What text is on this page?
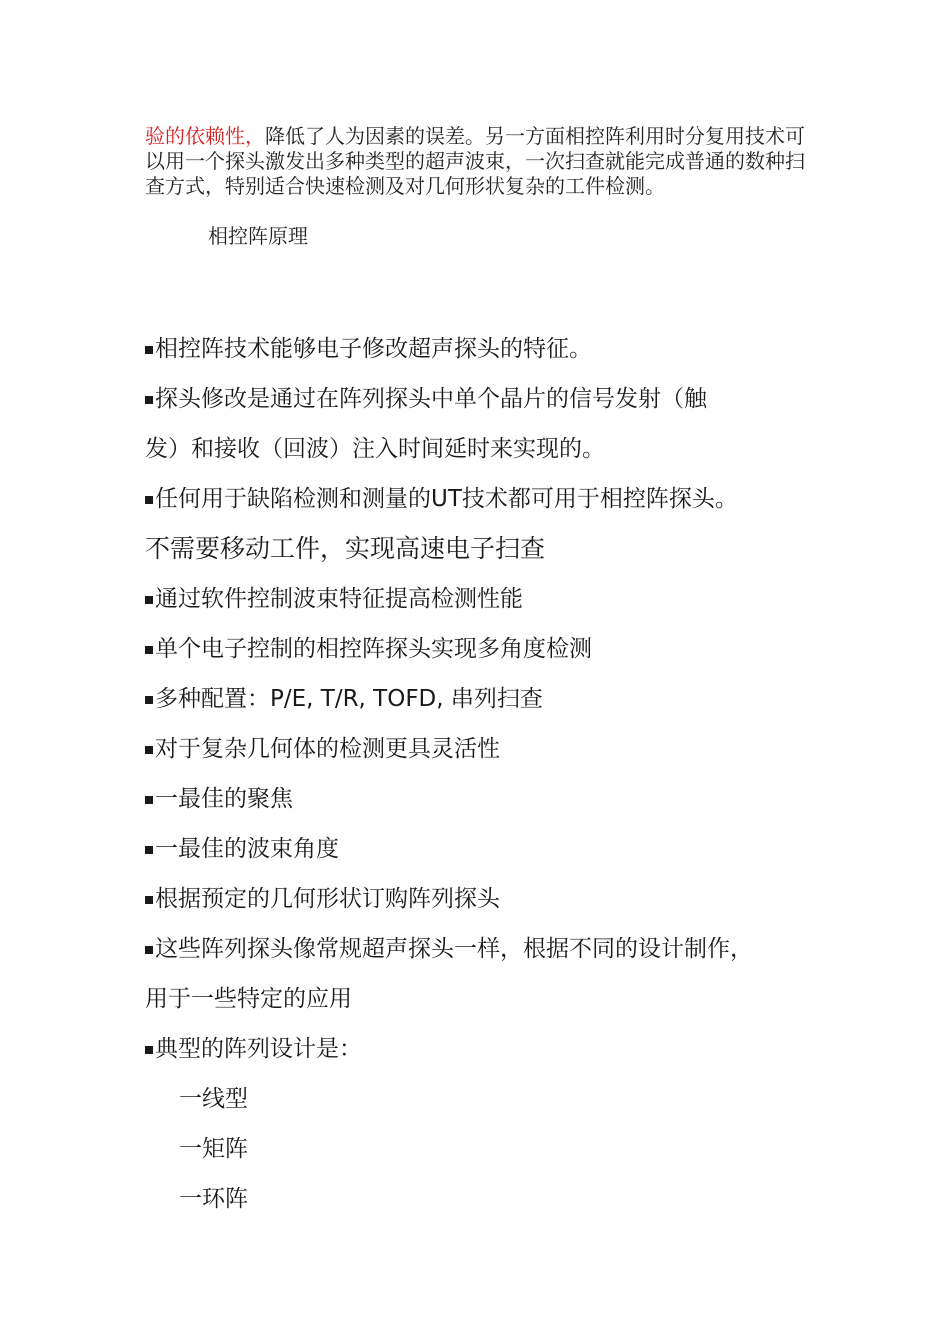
验的依赖性，降低了人为因素的误差。另一方面相控阵利用时分复用技术可以用一个探头激发出多种类型的超声波束，一次扫查就能完成普通的数种扫查方式，特别适合快速检测及对几何形状复杂的工件检测。
相控阵原理
相控阵技术能够电子修改超声探头的特征。
探头修改是通过在阵列探头中单个晶片的信号发射（触
发）和接收（回波）注入时间延时来实现的。
任何用于缺陷检测和测量的UT技术都可用于相控阵探头。
不需要移动工件，实现高速电子扫查
通过软件控制波束特征提高检测性能
单个电子控制的相控阵探头实现多角度检测
多种配置：P/E, T/R, TOFD, 串列扫查
对于复杂几何体的检测更具灵活性
一最佳的聚焦
一最佳的波束角度
根据预定的几何形状订购阵列探头
这些阵列探头像常规超声探头一样，根据不同的设计制作，
用于一些特定的应用
典型的阵列设计是：
一线型
一矩阵
一环阵
